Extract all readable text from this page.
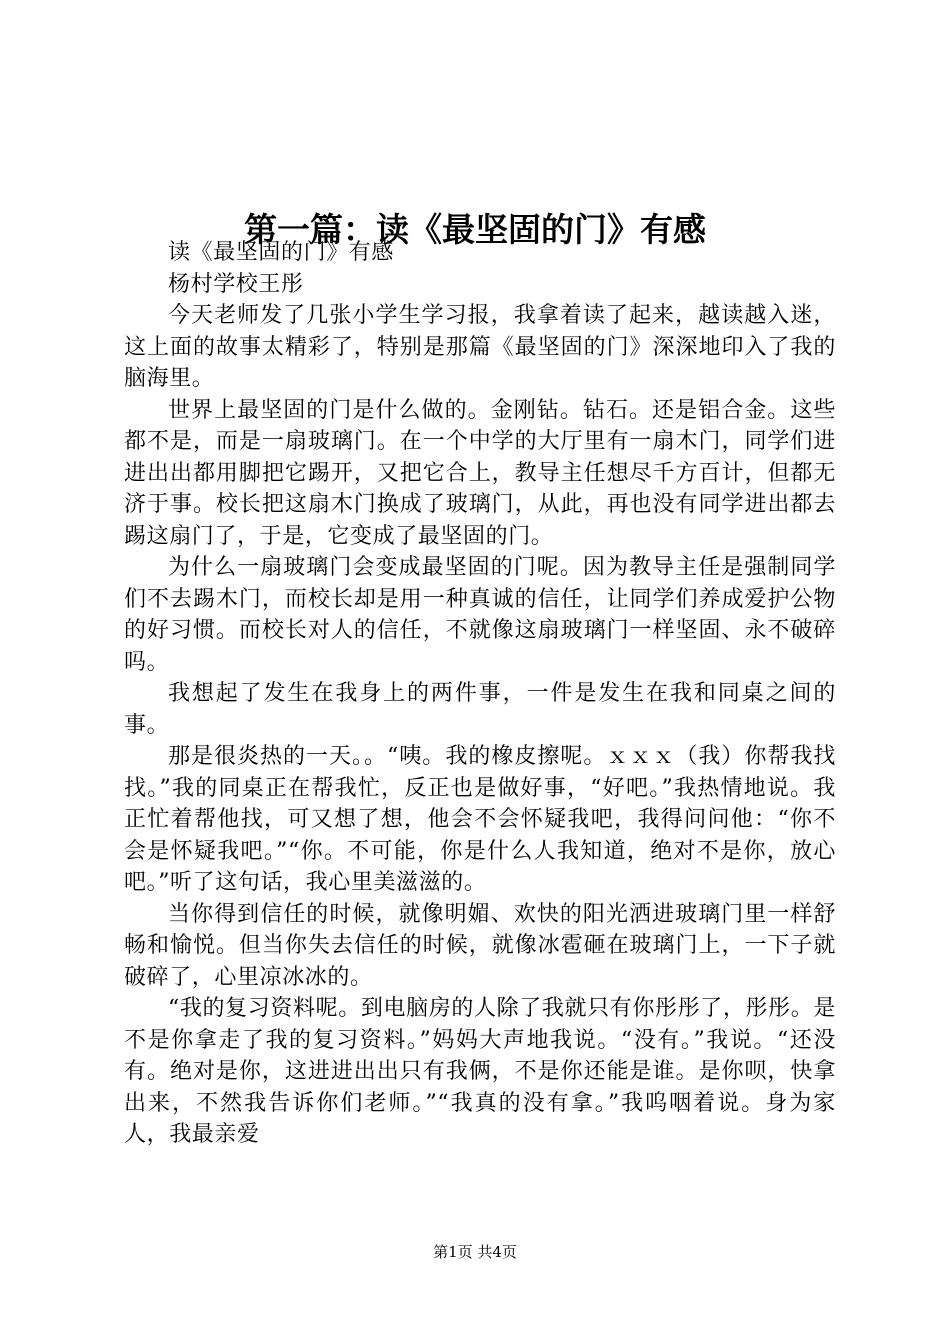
第一篇：读《最坚固的门》有感

读《最坚固的门》有感

杨村学校王彤

今天老师发了几张小学生学习报，我拿着读了起来，越读越入迷，这上面的故事太精彩了，特别是那篇《最坚固的门》深深地印入了我的脑海里。

世界上最坚固的门是什么做的。金刚钻。钻石。还是铝合金。这些都不是，而是一扇玻璃门。在一个中学的大厅里有一扇木门，同学们进进出出都用脚把它踢开，又把它合上，教导主任想尽千方百计，但都无济于事。校长把这扇木门换成了玻璃门，从此，再也没有同学进出都去踢这扇门了，于是，它变成了最坚固的门。

为什么一扇玻璃门会变成最坚固的门呢。因为教导主任是强制同学们不去踢木门，而校长却是用一种真诚的信任，让同学们养成爱护公物的好习惯。而校长对人的信任，不就像这扇玻璃门一样坚固、永不破碎吗。

我想起了发生在我身上的两件事，一件是发生在我和同桌之间的事。

那是很炎热的一天。。“咦。我的橡皮擦呢。ｘｘｘ（我）你帮我找找。”我的同桌正在帮我忙，反正也是做好事，“好吧。”我热情地说。我正忙着帮他找，可又想了想，他会不会怀疑我吧，我得问问他：“你不会是怀疑我吧。”“你。不可能，你是什么人我知道，绝对不是你，放心吧。”听了这句话，我心里美滋滋的。

当你得到信任的时候，就像明媚、欢快的阳光洒进玻璃门里一样舒畅和愉悦。但当你失去信任的时候，就像冰雹砸在玻璃门上，一下子就破碎了，心里凉冰冰的。

“我的复习资料呢。到电脑房的人除了我就只有你彤彤了，彤彤。是不是你拿走了我的复习资料。”妈妈大声地我说。“没有。”我说。“还没有。绝对是你，这进进出出只有我俩，不是你还能是谁。是你呗，快拿出来，不然我告诉你们老师。”“我真的没有拿。”我呜咽着说。身为家人，我最亲爱

第1页 共4页
